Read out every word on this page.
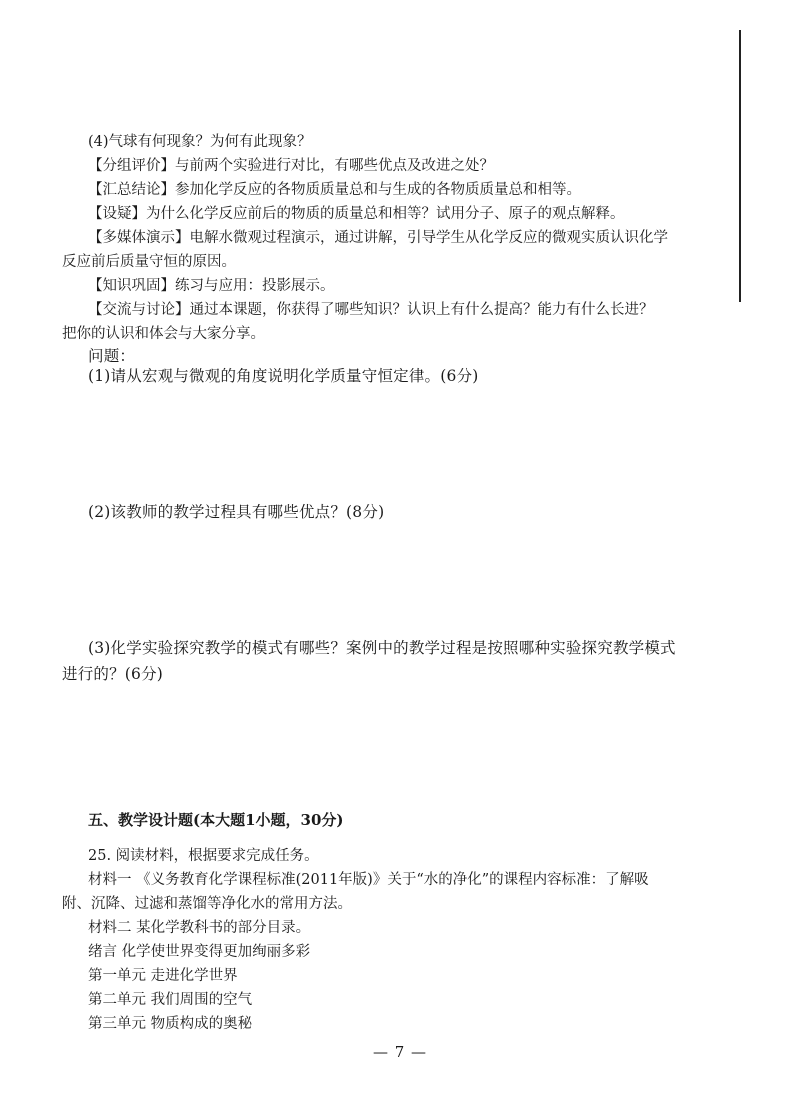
(4)气球有何现象？为何有此现象？
【分组评价】与前两个实验进行对比，有哪些优点及改进之处？
【汇总结论】参加化学反应的各物质质量总和与生成的各物质质量总和相等。
【设疑】为什么化学反应前后的物质的质量总和相等？试用分子、原子的观点解释。
【多媒体演示】电解水微观过程演示，通过讲解，引导学生从化学反应的微观实质认识化学
反应前后质量守恒的原因。
【知识巩固】练习与应用：投影展示。
【交流与讨论】通过本课题，你获得了哪些知识？认识上有什么提高？能力有什么长进？
把你的认识和体会与大家分享。
问题：
(1)请从宏观与微观的角度说明化学质量守恒定律。(6分)
(2)该教师的教学过程具有哪些优点？(8分)
(3)化学实验探究教学的模式有哪些？案例中的教学过程是按照哪种实验探究教学模式
进行的？(6分)
五、教学设计题(本大题1小题，30分)
25. 阅读材料，根据要求完成任务。
材料一 《义务教育化学课程标准(2011年版)》关于“水的净化”的课程内容标准：了解吸
附、沉降、过滤和蒸馏等净化水的常用方法。
材料二 某化学教科书的部分目录。
绪言 化学使世界变得更加绚丽多彩
第一单元 走进化学世界
第二单元 我们周围的空气
第三单元 物质构成的奥秘
— 7 —
